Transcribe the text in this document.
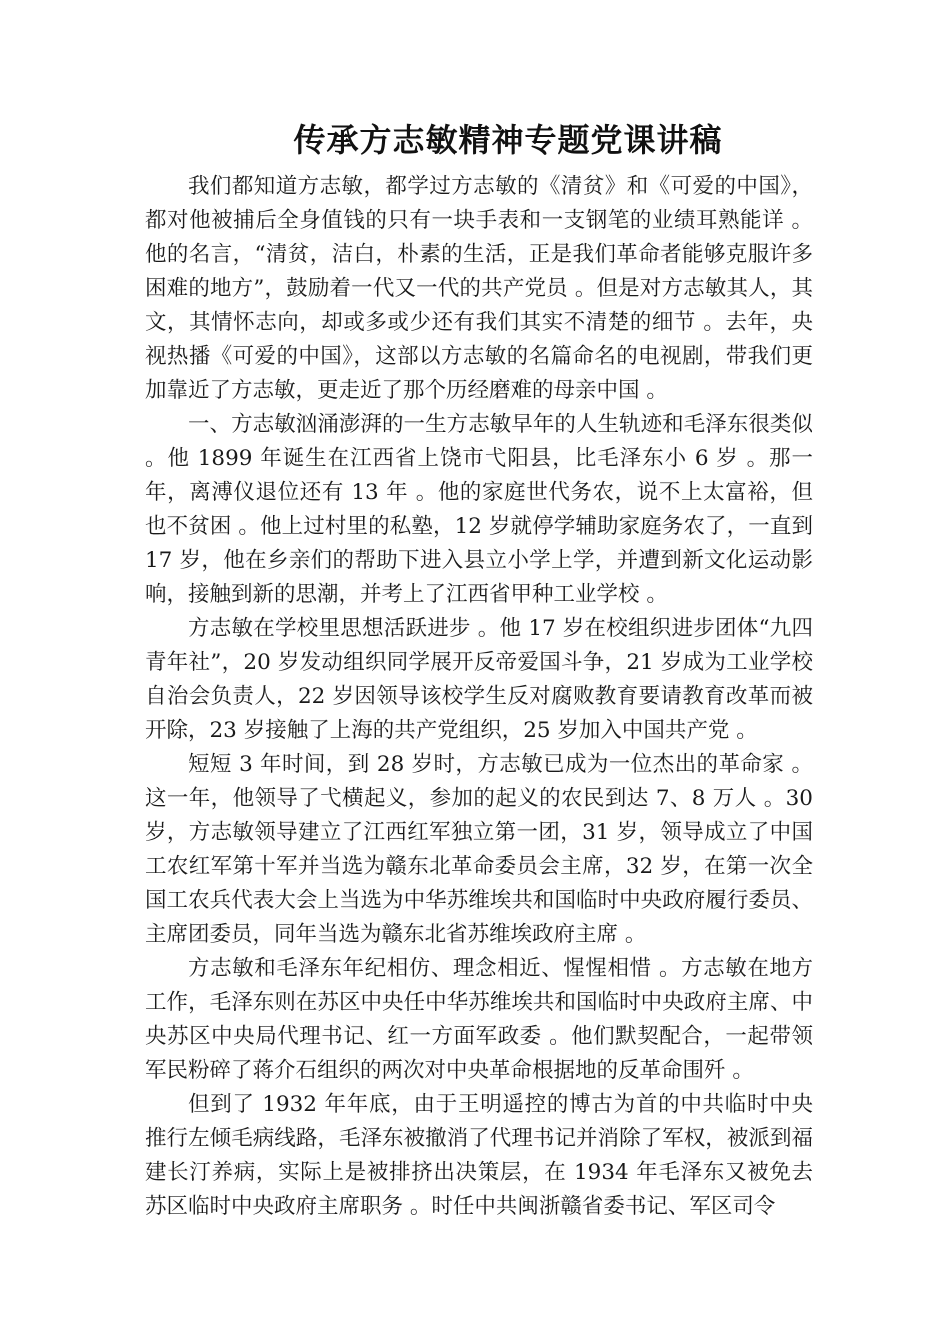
传承方志敏精神专题党课讲稿

我们都知道方志敏，都学过方志敏的《清贫》和《可爱的中国》，都对他被捕后全身值钱的只有一块手表和一支钢笔的业绩耳熟能详 。他的名言，“清贫，洁白，朴素的生活，正是我们革命者能够克服许多困难的地方”，鼓励着一代又一代的共产党员 。但是对方志敏其人，其文，其情怀志向，却或多或少还有我们其实不清楚的细节 。去年，央视热播《可爱的中国》，这部以方志敏的名篇命名的电视剧，带我们更加靠近了方志敏，更走近了那个历经磨难的母亲中国 。

一、方志敏汹涌澎湃的一生方志敏早年的人生轨迹和毛泽东很类似 。他 1899 年诞生在江西省上饶市弋阳县，比毛泽东小 6 岁 。那一年，离溥仪退位还有 13 年 。他的家庭世代务农，说不上太富裕，但也不贫困 。他上过村里的私塾，12 岁就停学辅助家庭务农了，一直到 17 岁，他在乡亲们的帮助下进入县立小学上学，并遭到新文化运动影响，接触到新的思潮，并考上了江西省甲种工业学校 。

方志敏在学校里思想活跃进步 。他 17 岁在校组织进步团体“九四青年社”，20 岁发动组织同学展开反帝爱国斗争，21 岁成为工业学校自治会负责人，22 岁因领导该校学生反对腐败教育要请教育改革而被开除，23 岁接触了上海的共产党组织，25 岁加入中国共产党 。

短短 3 年时间，到 28 岁时，方志敏已成为一位杰出的革命家 。这一年，他领导了弋横起义，参加的起义的农民到达 7、8 万人 。30 岁，方志敏领导建立了江西红军独立第一团，31 岁，领导成立了中国工农红军第十军并当选为赣东北革命委员会主席，32 岁，在第一次全国工农兵代表大会上当选为中华苏维埃共和国临时中央政府履行委员、主席团委员，同年当选为赣东北省苏维埃政府主席 。

方志敏和毛泽东年纪相仿、理念相近、惺惺相惜 。方志敏在地方工作，毛泽东则在苏区中央任中华苏维埃共和国临时中央政府主席、中央苏区中央局代理书记、红一方面军政委 。他们默契配合，一起带领军民粉碎了蒋介石组织的两次对中央革命根据地的反革命围歼 。

但到了 1932 年年底，由于王明遥控的博古为首的中共临时中央推行左倾毛病线路，毛泽东被撤消了代理书记并消除了军权，被派到福建长汀养病，实际上是被排挤出决策层，在 1934 年毛泽东又被免去苏区临时中央政府主席职务 。时任中共闽浙赣省委书记、军区司令
